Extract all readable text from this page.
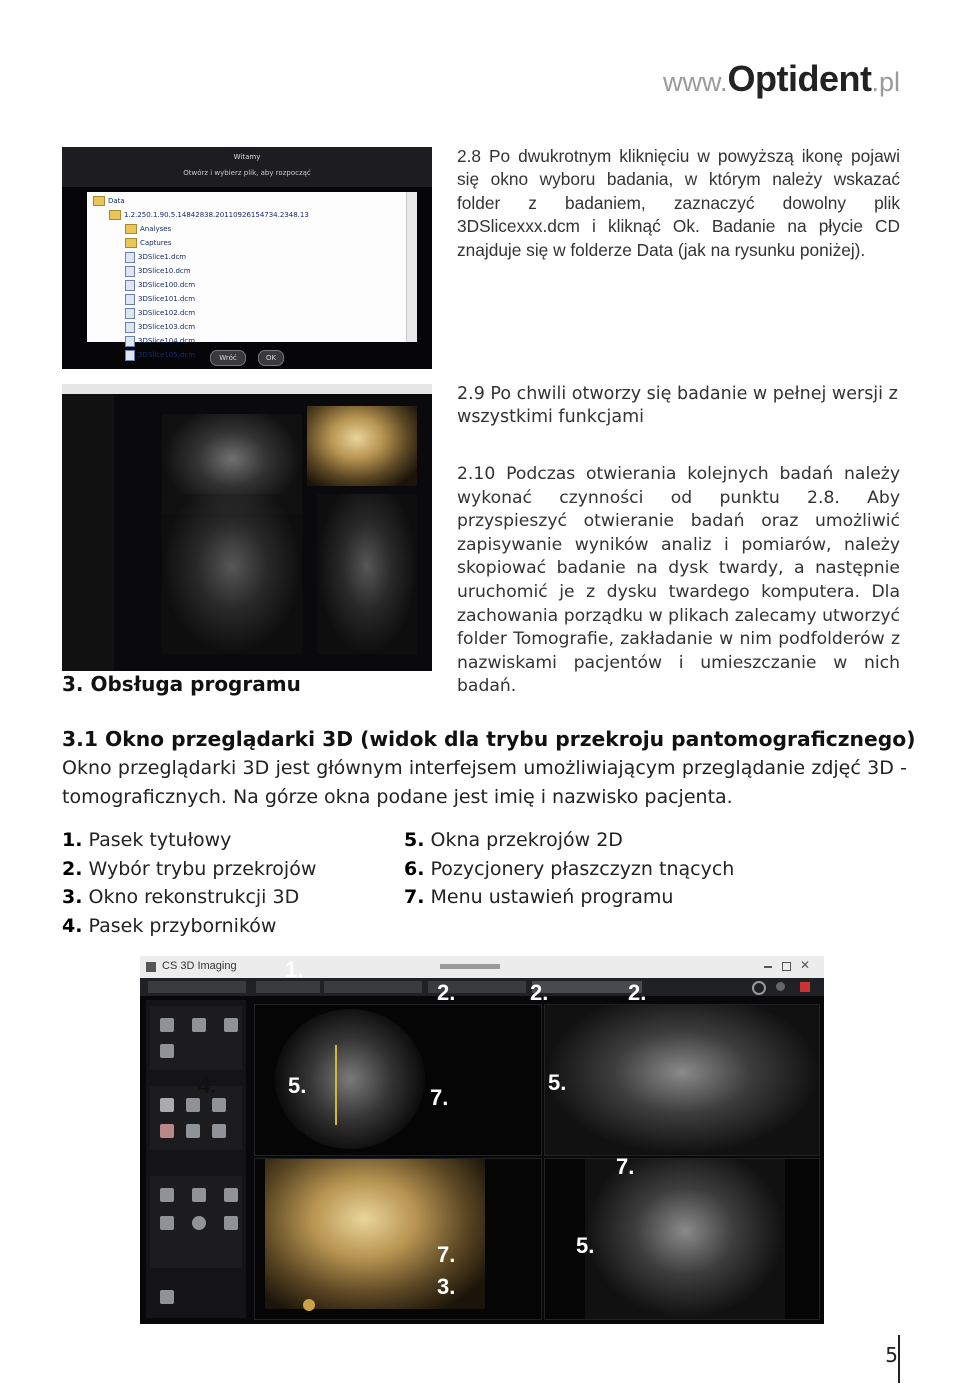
www.Optident.pl
Witamy
Otwórz i wybierz plik, aby rozpocząć
Data
1.2.250.1.90.5.14842838.20110926154734.2348.13
Analyses
Captures
3DSlice1.dcm
3DSlice10.dcm
3DSlice100.dcm
3DSlice101.dcm
3DSlice102.dcm
3DSlice103.dcm
3DSlice104.dcm
3DSlice105.dcm	Wróć	OK
2.8 Po dwukrotnym kliknięciu w powyższą ikonę pojawi się okno wyboru badania, w którym należy wskazać folder z badaniem, zaznaczyć dowolny plik 3DSlicexxx.dcm i kliknąć Ok. Badanie na płycie CD znajduje się w folderze Data (jak na rysunku poniżej).
2.9 Po chwili otworzy się badanie w pełnej wersji z wszystkimi funkcjami
2.10 Podczas otwierania kolejnych badań należy wykonać czynności od punktu 2.8. Aby przyspieszyć otwieranie badań oraz umożliwić zapisywanie wyników analiz i pomiarów, należy skopiować badanie na dysk twardy, a następnie uruchomić je z dysku twardego komputera. Dla zachowania porządku w plikach zalecamy utworzyć folder Tomografie, zakładanie w nim podfolderów z nazwiskami pacjentów i umieszczanie w nich badań.
3. Obsługa programu
3.1 Okno przeglądarki 3D (widok dla trybu przekroju pantomograficznego)
Okno przeglądarki 3D jest głównym interfejsem umożliwiającym przeglądanie zdjęć 3D - tomograficznych. Na górze okna podane jest imię i nazwisko pacjenta.
1. Pasek tytułowy
2. Wybór trybu przekrojów
3. Okno rekonstrukcji 3D
4. Pasek przyborników
5. Okna przekrojów 2D
6. Pozycjonery płaszczyzn tnących
7. Menu ustawień programu
CS 3D Imaging	✕
1.
2.	2.	2.
4.	5.	7.
5.
7.
7.	5.
3.
5
